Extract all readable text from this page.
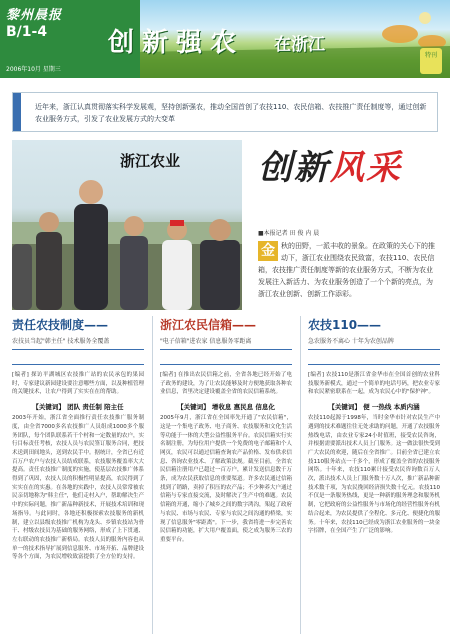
黎州晨报
B/1-4
2006年10月 星期三
创新强农 在浙江
特刊
近年来，浙江认真贯彻落实科学发展观，坚持创新强农，推动全国首创了农技110、农民信箱、农技推广责任制度等，通过创新农业服务方式，引发了农业发展方式的大变革
浙江农业 创新风采
■本报记者 田 俊 内 晨
金 秋的田野，一派丰收的景象。在政策的关心下的推动下，浙江农业围绕农民致富，农技110、农民信箱，农技推广责任制度等新的农业服务方式，不断为农业发展注入新活力、为农业服务创造了一个个新的亮点，为浙江农业创新、创新工作添彩。
责任农技制度——
农技员当起"韩主任" 技术服务全覆盖
[编者] 探访平湖城区农技推广站的农民承包的果园时，专家建议新园建设要注意哪些方面，以及种植管理的关键技术，让农户得到了实实在在的帮助。
【关键词】 团队 责任制 陪主任
2003年开始，浙江省全面推行责任农技推广服务制度，由全省7000多名农技推广人员组成1000多个服务团队，每个团队联系若干个村和一定数量的农户，实行目标责任考核，农技人员与农民签订服务合同，把技术送到田间地头，送到农民手中。据统计，全省已有近百万户农户与农技人员结成联系，农技服务覆盖率大大提高。责任农技推广制度的实施，使基层农技推广体系得到了巩固，农技人员的积极性明显提高，农民得到了实实在在的实惠。在各地的实践中，农技人员常常被农民亲切地称为"韩主任"，他们走村入户，帮助解决生产中的实际问题，推广新品种新技术，开展技术培训和现场指导。与此同时，各地还积极探索农技服务的新机制，建立以县级农技推广机构为龙头、乡镇农技站为骨干、村级农技员为基础的服务网络，形成了上下贯通、左右联动的农技推广新格局。农技人员的服务内容也从单一的技术指导扩展到信息服务、市场开拓、品牌建设等各个方面，为农民增收致富提供了全方位的支持。
浙江农民信箱——
"电子信箱"进农家 信息服务零距离
[编者] 在推出农民信箱之前，全省各地已经开始了电子政务的建设，为了让农民能够及时方便地获取各种农业信息，省里决定建设覆盖全省的农民信箱系统。
【关键词】 增收息 惠民息 信息化
2005年9月，浙江省在全国率先开通了"农民信箱"，这是一个集电子政务、电子商务、农技服务和文化生活等功能于一体的大型公益性服务平台。农民信箱实行实名制注册，为每位用户提供一个免费的电子邮箱和个人网页，农民可以通过信箱查询农产品价格、发布供求信息、咨询农业技术、了解政策法规。截至目前，全省农民信箱注册用户已超过一百万户，累计发送信息数千万条，成为农民获取信息的重要渠道。许多农民通过信箱找到了销路，卖掉了积压的农产品；不少种养大户通过信箱与专家直接交流，及时解决了生产中的难题。农民信箱的开通，缩小了城乡之间的数字鸿沟，架起了政府与农民、市场与农民、专家与农民之间沟通的桥梁，实现了信息服务"零距离"。下一步，我省将进一步完善农民信箱的功能，扩大用户覆盖面，使之成为服务三农的重要平台。
农技110——
急农服务不离心 十年为农创品牌
[编者] 农技110是浙江省金华市在全国首创的农业科技服务新模式，通过一个简单的电话号码，把农业专家和农民紧密联系在一起，成为农民心中的"保护神"。
【关键词】 便 一热线 本质内涵
农技110起源于1998年，当时金华市针对农民生产中遇到的技术难题往往无处求助的问题，开通了农技服务热线电话，由农业专家24小时值班，接受农民咨询，并根据需要派出技术人员上门服务。这一做法很快受到广大农民的欢迎，随后在全省推广。目前全省已建立农技110服务站点一千多个，形成了覆盖全省的农技服务网络。十年来，农技110累计接受农民咨询数百万人次，派出技术人员上门服务数十万人次，推广新品种新技术数千项，为农民挽回经济损失数十亿元。农技110不仅是一条服务热线，更是一种新的服务理念和服务机制，它把政府的公益性服务与市场化的经营性服务有机结合起来，为农民提供了全程化、多元化、便捷化的服务。十年来，农技110已经成为浙江农业服务的一块金字招牌，在全国产生了广泛的影响。
